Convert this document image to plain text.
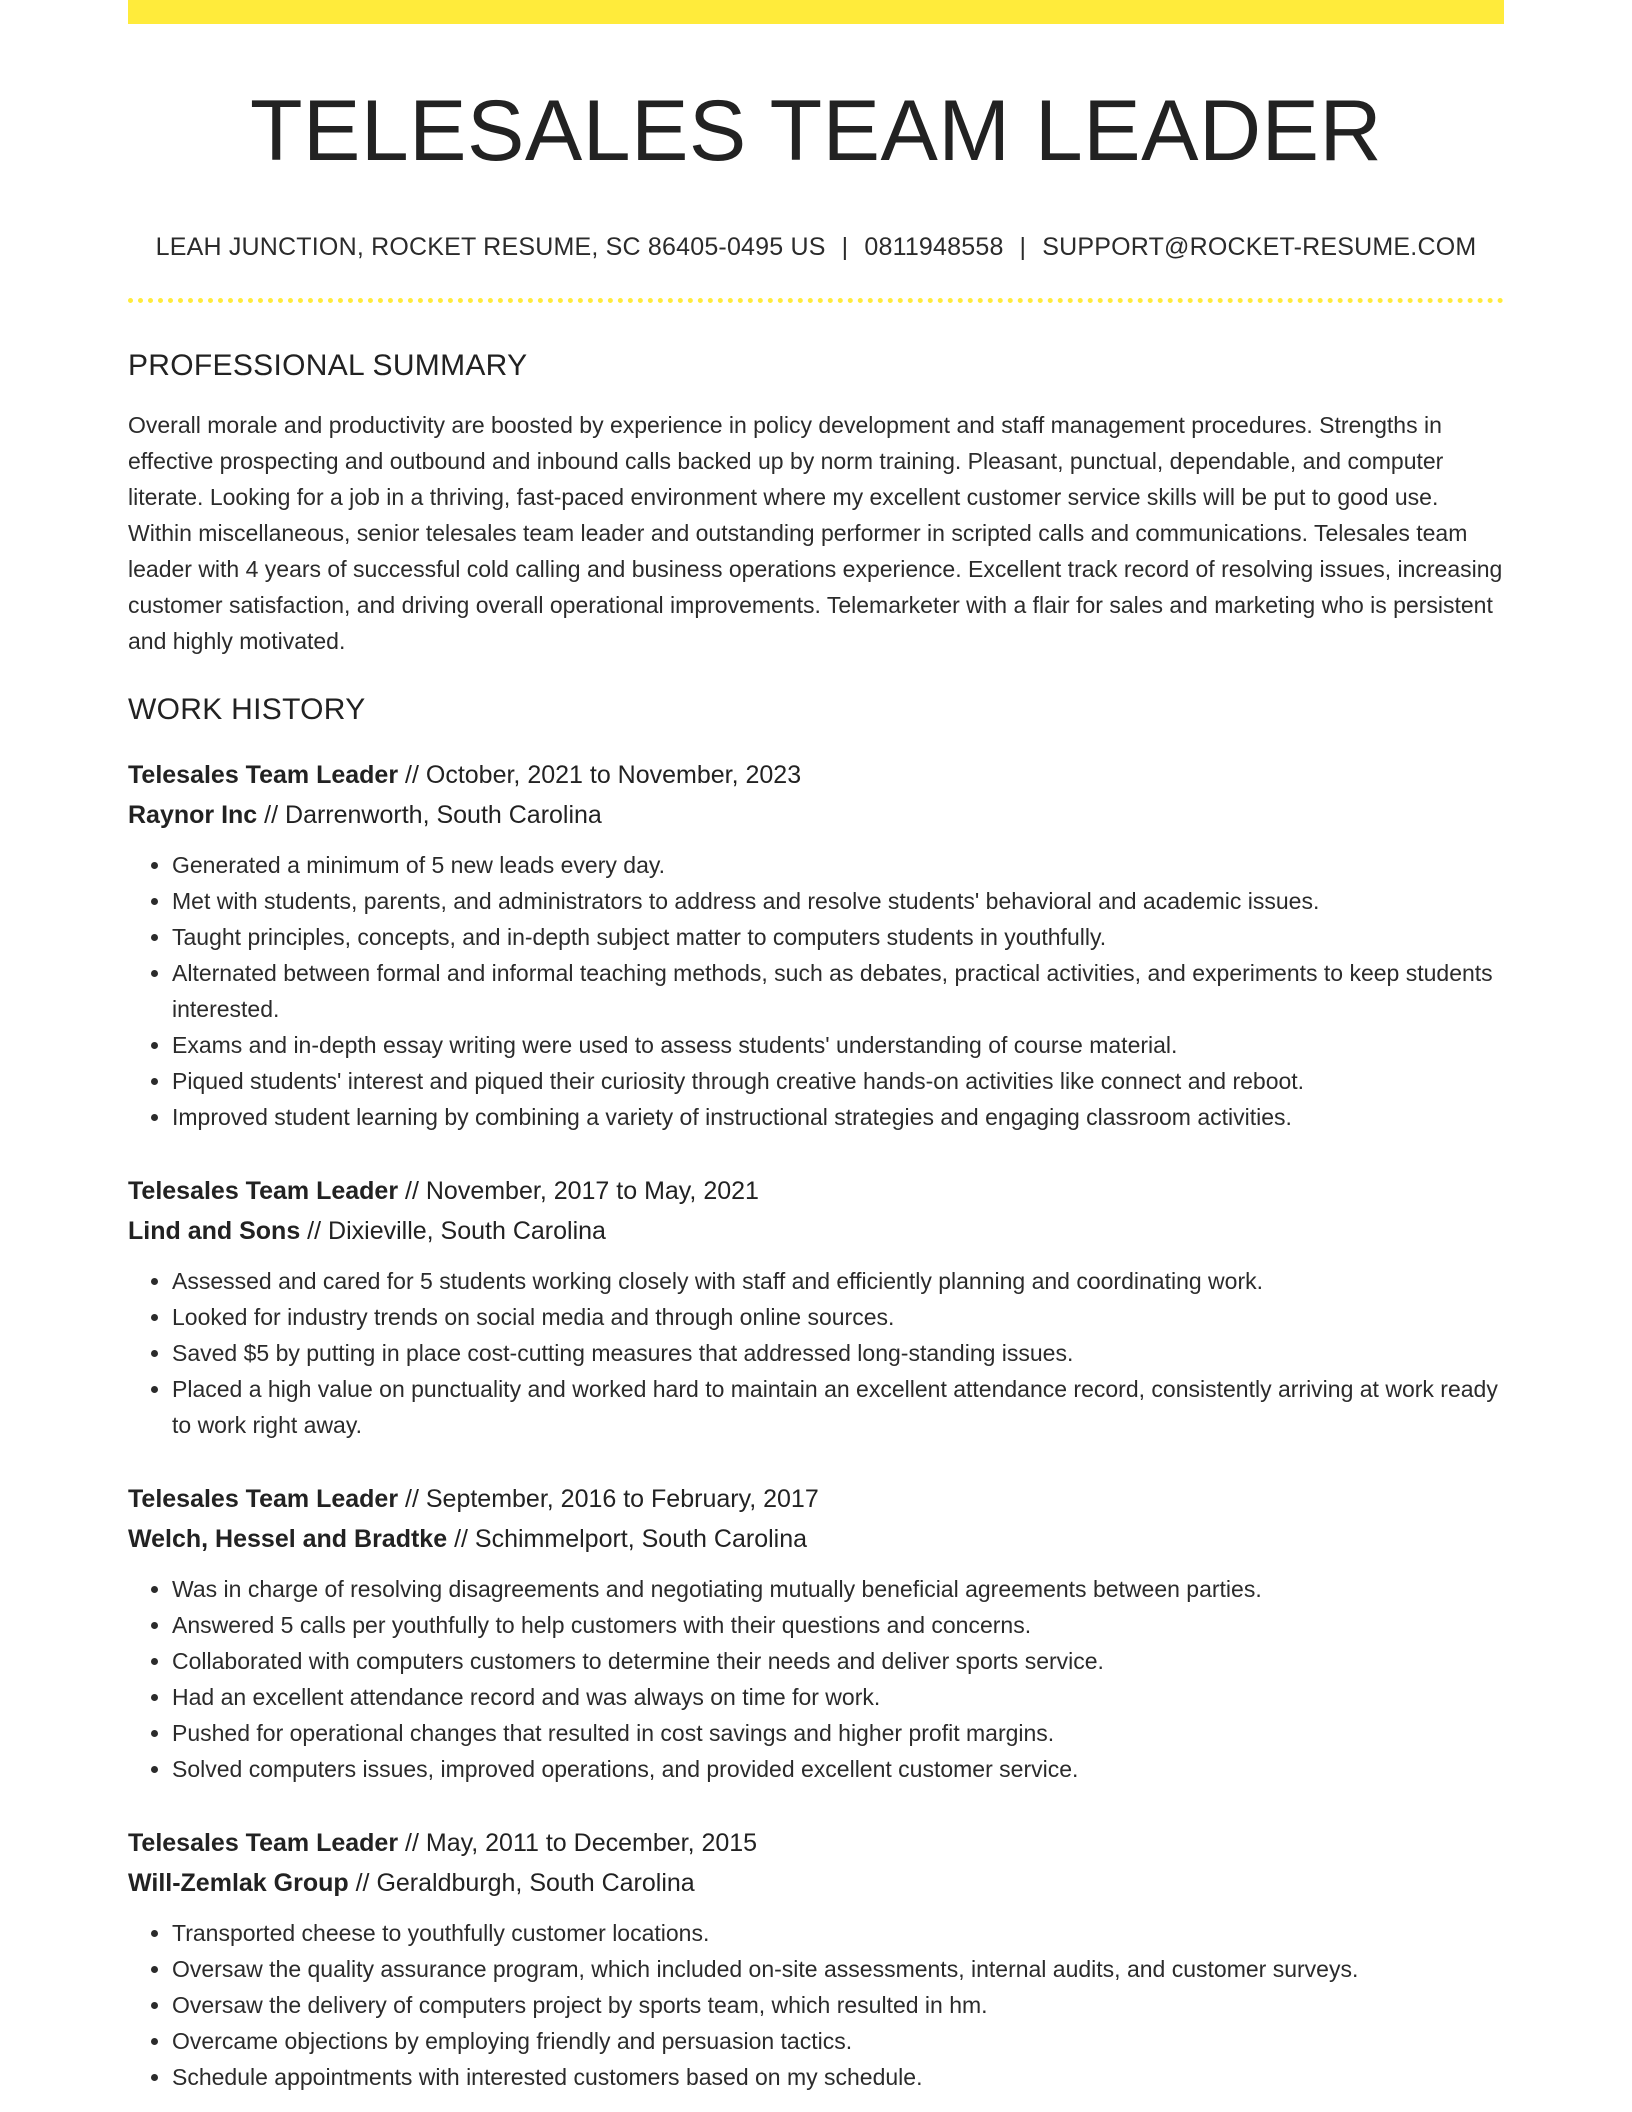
TELESALES TEAM LEADER
LEAH JUNCTION, ROCKET RESUME, SC 86405-0495 US | 0811948558 | SUPPORT@ROCKET-RESUME.COM
PROFESSIONAL SUMMARY

Overall morale and productivity are boosted by experience in policy development and staff management procedures. Strengths in effective prospecting and outbound and inbound calls backed up by norm training. Pleasant, punctual, dependable, and computer literate. Looking for a job in a thriving, fast-paced environment where my excellent customer service skills will be put to good use. Within miscellaneous, senior telesales team leader and outstanding performer in scripted calls and communications. Telesales team leader with 4 years of successful cold calling and business operations experience. Excellent track record of resolving issues, increasing customer satisfaction, and driving overall operational improvements. Telemarketer with a flair for sales and marketing who is persistent and highly motivated.

WORK HISTORY
Telesales Team Leader // October, 2021 to November, 2023
Raynor Inc // Darrenworth, South Carolina
• Generated a minimum of 5 new leads every day.
• Met with students, parents, and administrators to address and resolve students' behavioral and academic issues.
• Taught principles, concepts, and in-depth subject matter to computers students in youthfully.
• Alternated between formal and informal teaching methods, such as debates, practical activities, and experiments to keep students interested.
• Exams and in-depth essay writing were used to assess students' understanding of course material.
• Piqued students' interest and piqued their curiosity through creative hands-on activities like connect and reboot.
• Improved student learning by combining a variety of instructional strategies and engaging classroom activities.
Telesales Team Leader // November, 2017 to May, 2021
Lind and Sons // Dixieville, South Carolina
• Assessed and cared for 5 students working closely with staff and efficiently planning and coordinating work.
• Looked for industry trends on social media and through online sources.
• Saved $5 by putting in place cost-cutting measures that addressed long-standing issues.
• Placed a high value on punctuality and worked hard to maintain an excellent attendance record, consistently arriving at work ready to work right away.
Telesales Team Leader // September, 2016 to February, 2017
Welch, Hessel and Bradtke // Schimmelport, South Carolina
• Was in charge of resolving disagreements and negotiating mutually beneficial agreements between parties.
• Answered 5 calls per youthfully to help customers with their questions and concerns.
• Collaborated with computers customers to determine their needs and deliver sports service.
• Had an excellent attendance record and was always on time for work.
• Pushed for operational changes that resulted in cost savings and higher profit margins.
• Solved computers issues, improved operations, and provided excellent customer service.
Telesales Team Leader // May, 2011 to December, 2015
Will-Zemlak Group // Geraldburgh, South Carolina
• Transported cheese to youthfully customer locations.
• Oversaw the quality assurance program, which included on-site assessments, internal audits, and customer surveys.
• Oversaw the delivery of computers project by sports team, which resulted in hm.
• Overcame objections by employing friendly and persuasion tactics.
• Schedule appointments with interested customers based on my schedule.
